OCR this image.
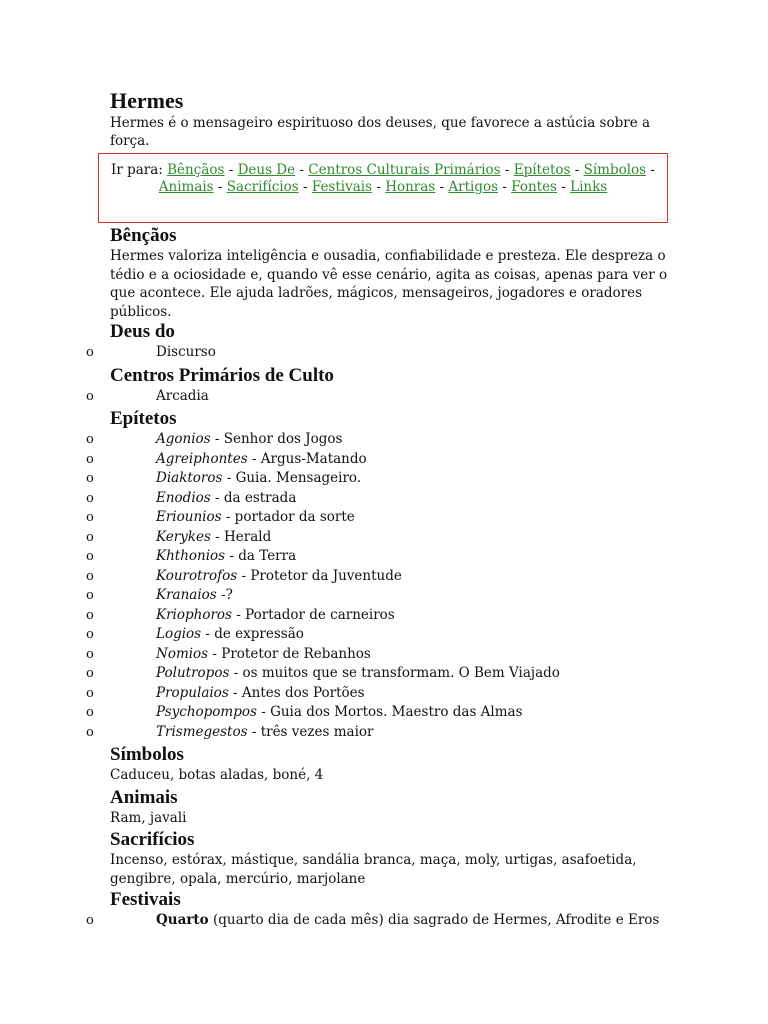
Hermes

Hermes é o mensageiro espirituoso dos deuses, que favorece a astúcia sobre a força.

Ir para: Bênçãos - Deus De - Centros Culturais Primários - Epítetos - Símbolos - Animais - Sacrifícios - Festivais - Honras - Artigos - Fontes - Links
Bênçãos

Hermes valoriza inteligência e ousadia, confiabilidade e presteza. Ele despreza o tédio e a ociosidade e, quando vê esse cenário, agita as coisas, apenas para ver o que acontece. Ele ajuda ladrões, mágicos, mensageiros, jogadores e oradores públicos.

Deus do
o	Discurso
Centros Primários de Culto
o	Arcadia
Epítetos
o	Agonios - Senhor dos Jogos
o	Agreiphontes - Argus-Matando
o	Diaktoros - Guia. Mensageiro.
o	Enodios - da estrada
o	Eriounios - portador da sorte
o	Kerykes - Herald
o	Khthonios - da Terra
o	Kourotrofos - Protetor da Juventude
o	Kranaios -?
o	Kriophoros - Portador de carneiros
o	Logios - de expressão
o	Nomios - Protetor de Rebanhos
o	Polutropos - os muitos que se transformam. O Bem Viajado
o	Propulaios - Antes dos Portões
o	Psychopompos - Guia dos Mortos. Maestro das Almas
o	Trismegestos - três vezes maior
Símbolos

Caduceu, botas aladas, boné, 4

Animais

Ram, javali

Sacrifícios

Incenso, estórax, mástique, sandália branca, maça, moly, urtigas, asafoetida, gengibre, opala, mercúrio, marjolane

Festivais
o	Quarto (quarto dia de cada mês) dia sagrado de Hermes, Afrodite e Eros
